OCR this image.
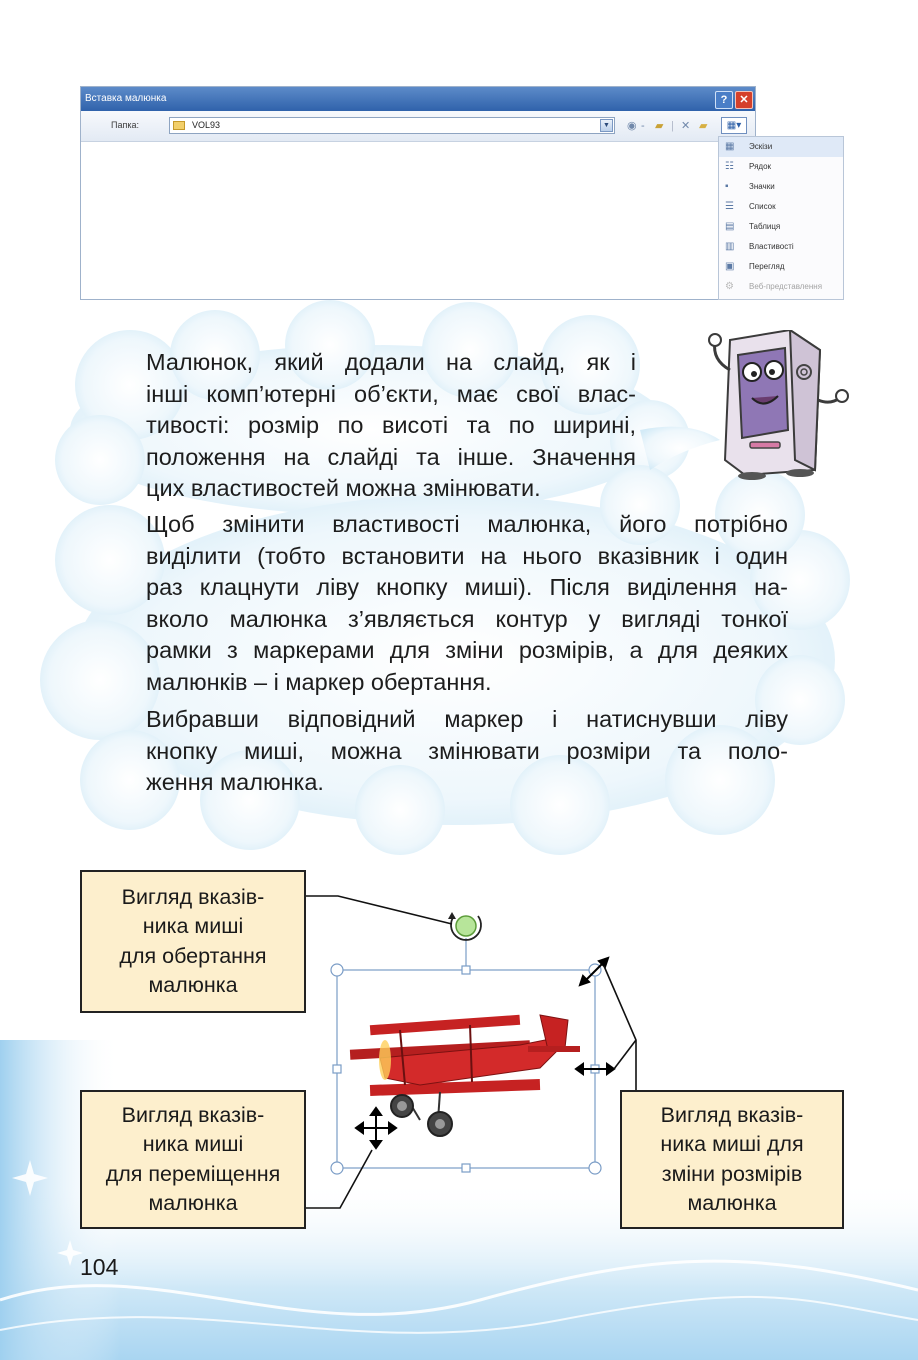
Вставка малюнка	?	✕
Папка:	VOL93	▼ ◉ - ▰ | ✕ ▰	▦▾
▦ Эскізи
☷ Рядок
▪	Значки
☰ Список
▤ Таблиця
▥ Властивості
▣ Перегляд
⚙ Веб-представлення

Малюнок, який додали на слайд, як і
інші комп’ютерні об’єкти, має свої влас-
тивості: розмір по висоті та по ширині,
положення на слайді та інше. Значення
цих властивостей можна змінювати.

Щоб змінити властивості малюнка, його потрібно
виділити (тобто встановити на нього вказівник і один
раз клацнути ліву кнопку миші). Після виділення на-
вколо малюнка з’являється контур у вигляді тонкої
рамки з маркерами для зміни розмірів, а для деяких
малюнків – і маркер обертання.

Вибравши відповідний маркер і натиснувши ліву
кнопку миші, можна змінювати розміри та поло-
ження малюнка.

Вигляд вказів-
ника миші
для обертання
малюнка
Вигляд вказів-
ника миші
для переміщення
малюнка
Вигляд вказів-
ника миші для
зміни розмірів
малюнка
104
